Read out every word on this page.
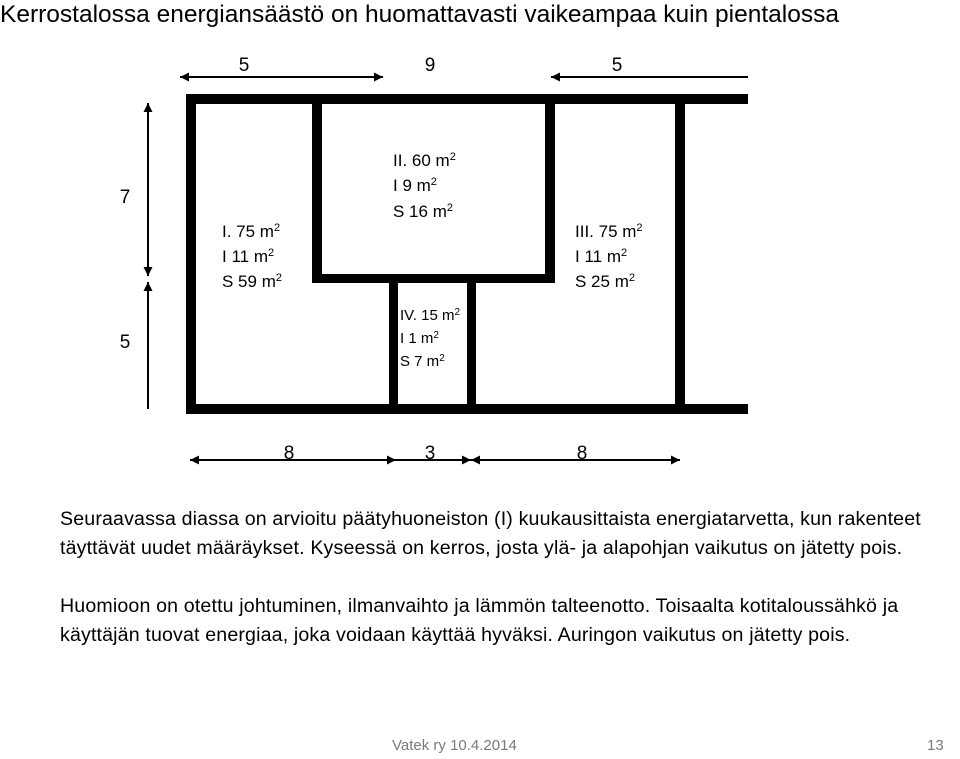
Kerrostalossa energiansäästö on huomattavasti vaikeampaa kuin pientalossa
5	9	5
7
5
8	3	8
I. 75 $m^2$
I 11 $m^2$
S 59 $m^2$
II. 60 $m^2$
I 9 $m^2$
S 16 $m^2$
III. 75 $m^2$
I 11 $m^2$
S 25 $m^2$
IV. 15 $m^2$
I 1 $m^2$
S 7 $m^2$

Seuraavassa diassa on arvioitu päätyhuoneiston (I) kuukausittaista energiatarvetta, kun rakenteet täyttävät uudet määräykset. Kyseessä on kerros, josta ylä- ja alapohjan vaikutus on jätetty pois.

Huomioon on otettu johtuminen, ilmanvaihto ja lämmön talteenotto. Toisaalta kotitaloussähkö ja käyttäjän tuovat energiaa, joka voidaan käyttää hyväksi. Auringon vaikutus on jätetty pois.

Vatek ry 10.4.2014	13
